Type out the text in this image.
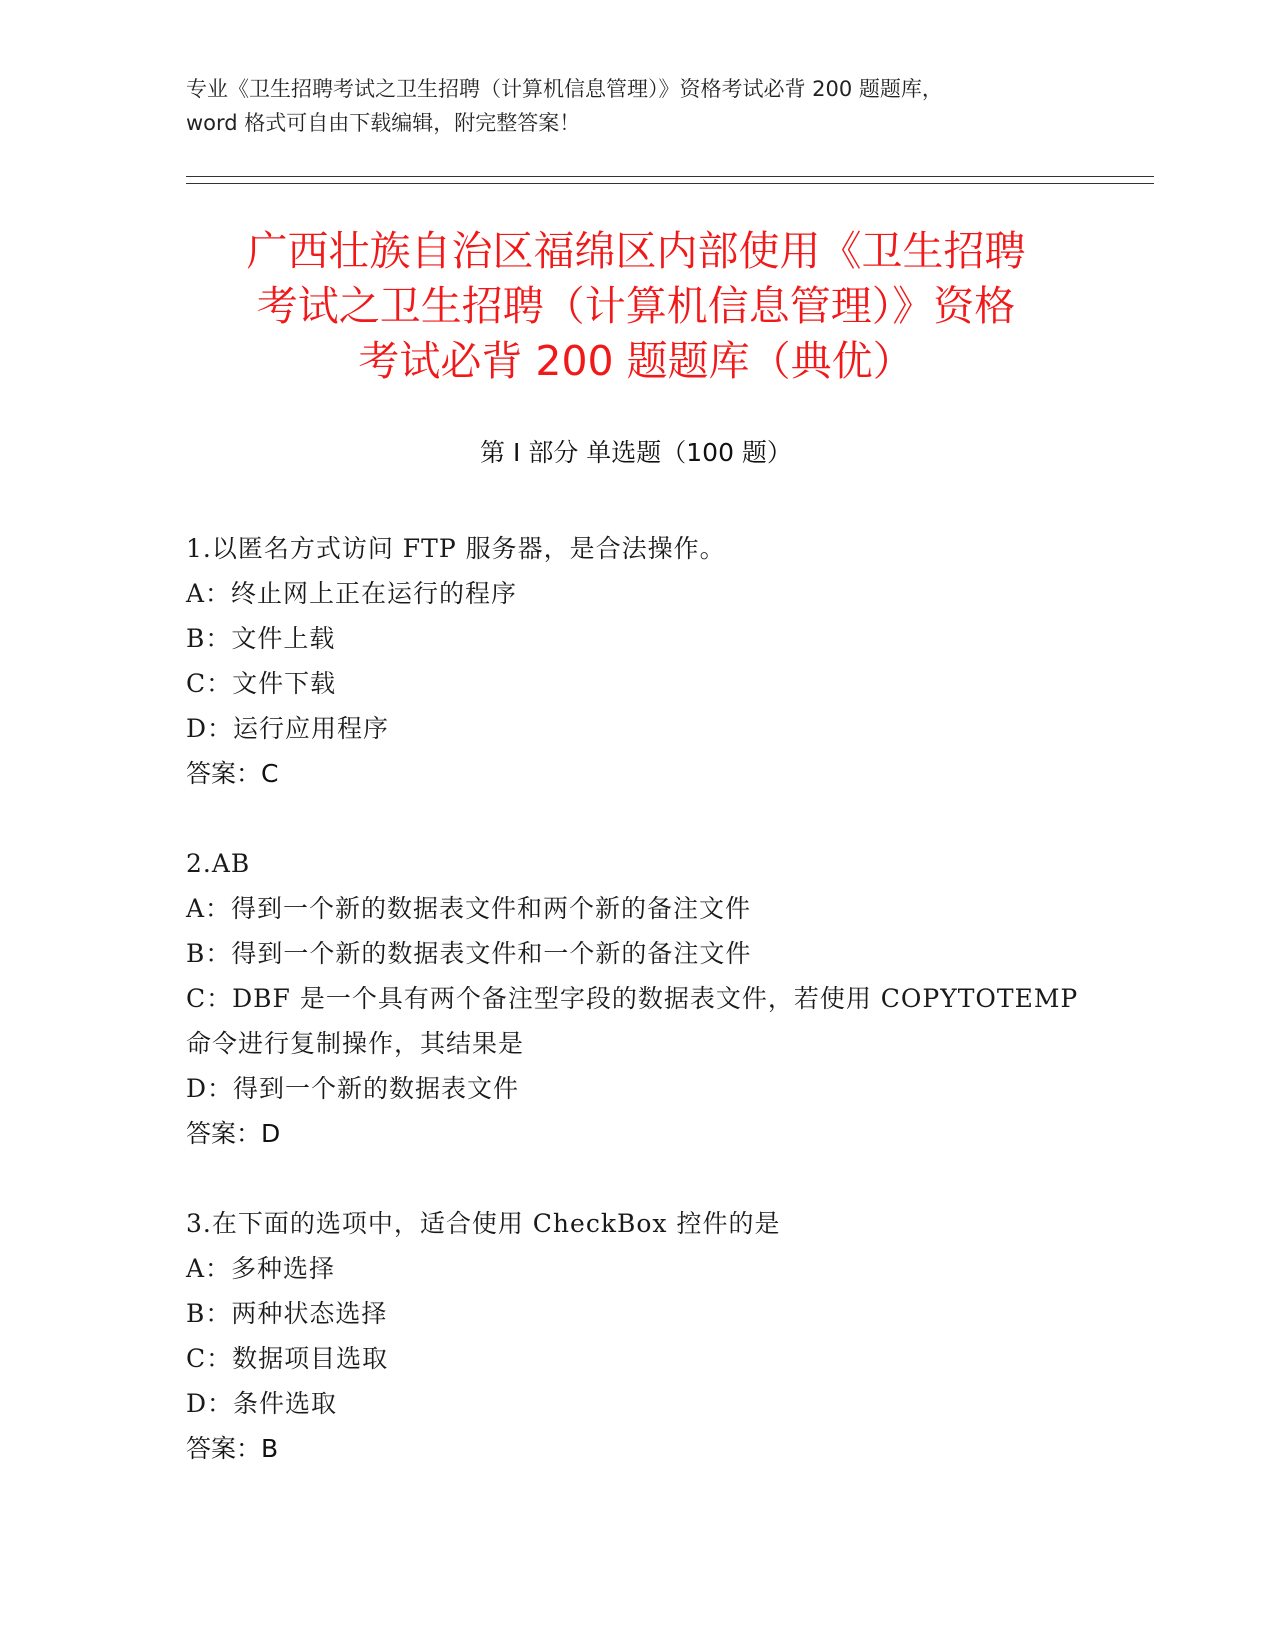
专业《卫生招聘考试之卫生招聘（计算机信息管理）》资格考试必背 200 题题库，
word 格式可自由下载编辑，附完整答案！
广西壮族自治区福绵区内部使用《卫生招聘
考试之卫生招聘（计算机信息管理）》资格
考试必背 200 题题库（典优）
第 I 部分 单选题（100 题）
1.以匿名方式访问 FTP 服务器，是合法操作。
A：终止网上正在运行的程序
B：文件上载
C：文件下载
D：运行应用程序
答案：C
2.AB
A：得到一个新的数据表文件和两个新的备注文件
B：得到一个新的数据表文件和一个新的备注文件
C：DBF 是一个具有两个备注型字段的数据表文件，若使用 COPYTOTEMP
命令进行复制操作，其结果是
D：得到一个新的数据表文件
答案：D
3.在下面的选项中，适合使用 CheckBox 控件的是
A：多种选择
B：两种状态选择
C：数据项目选取
D：条件选取
答案：B
